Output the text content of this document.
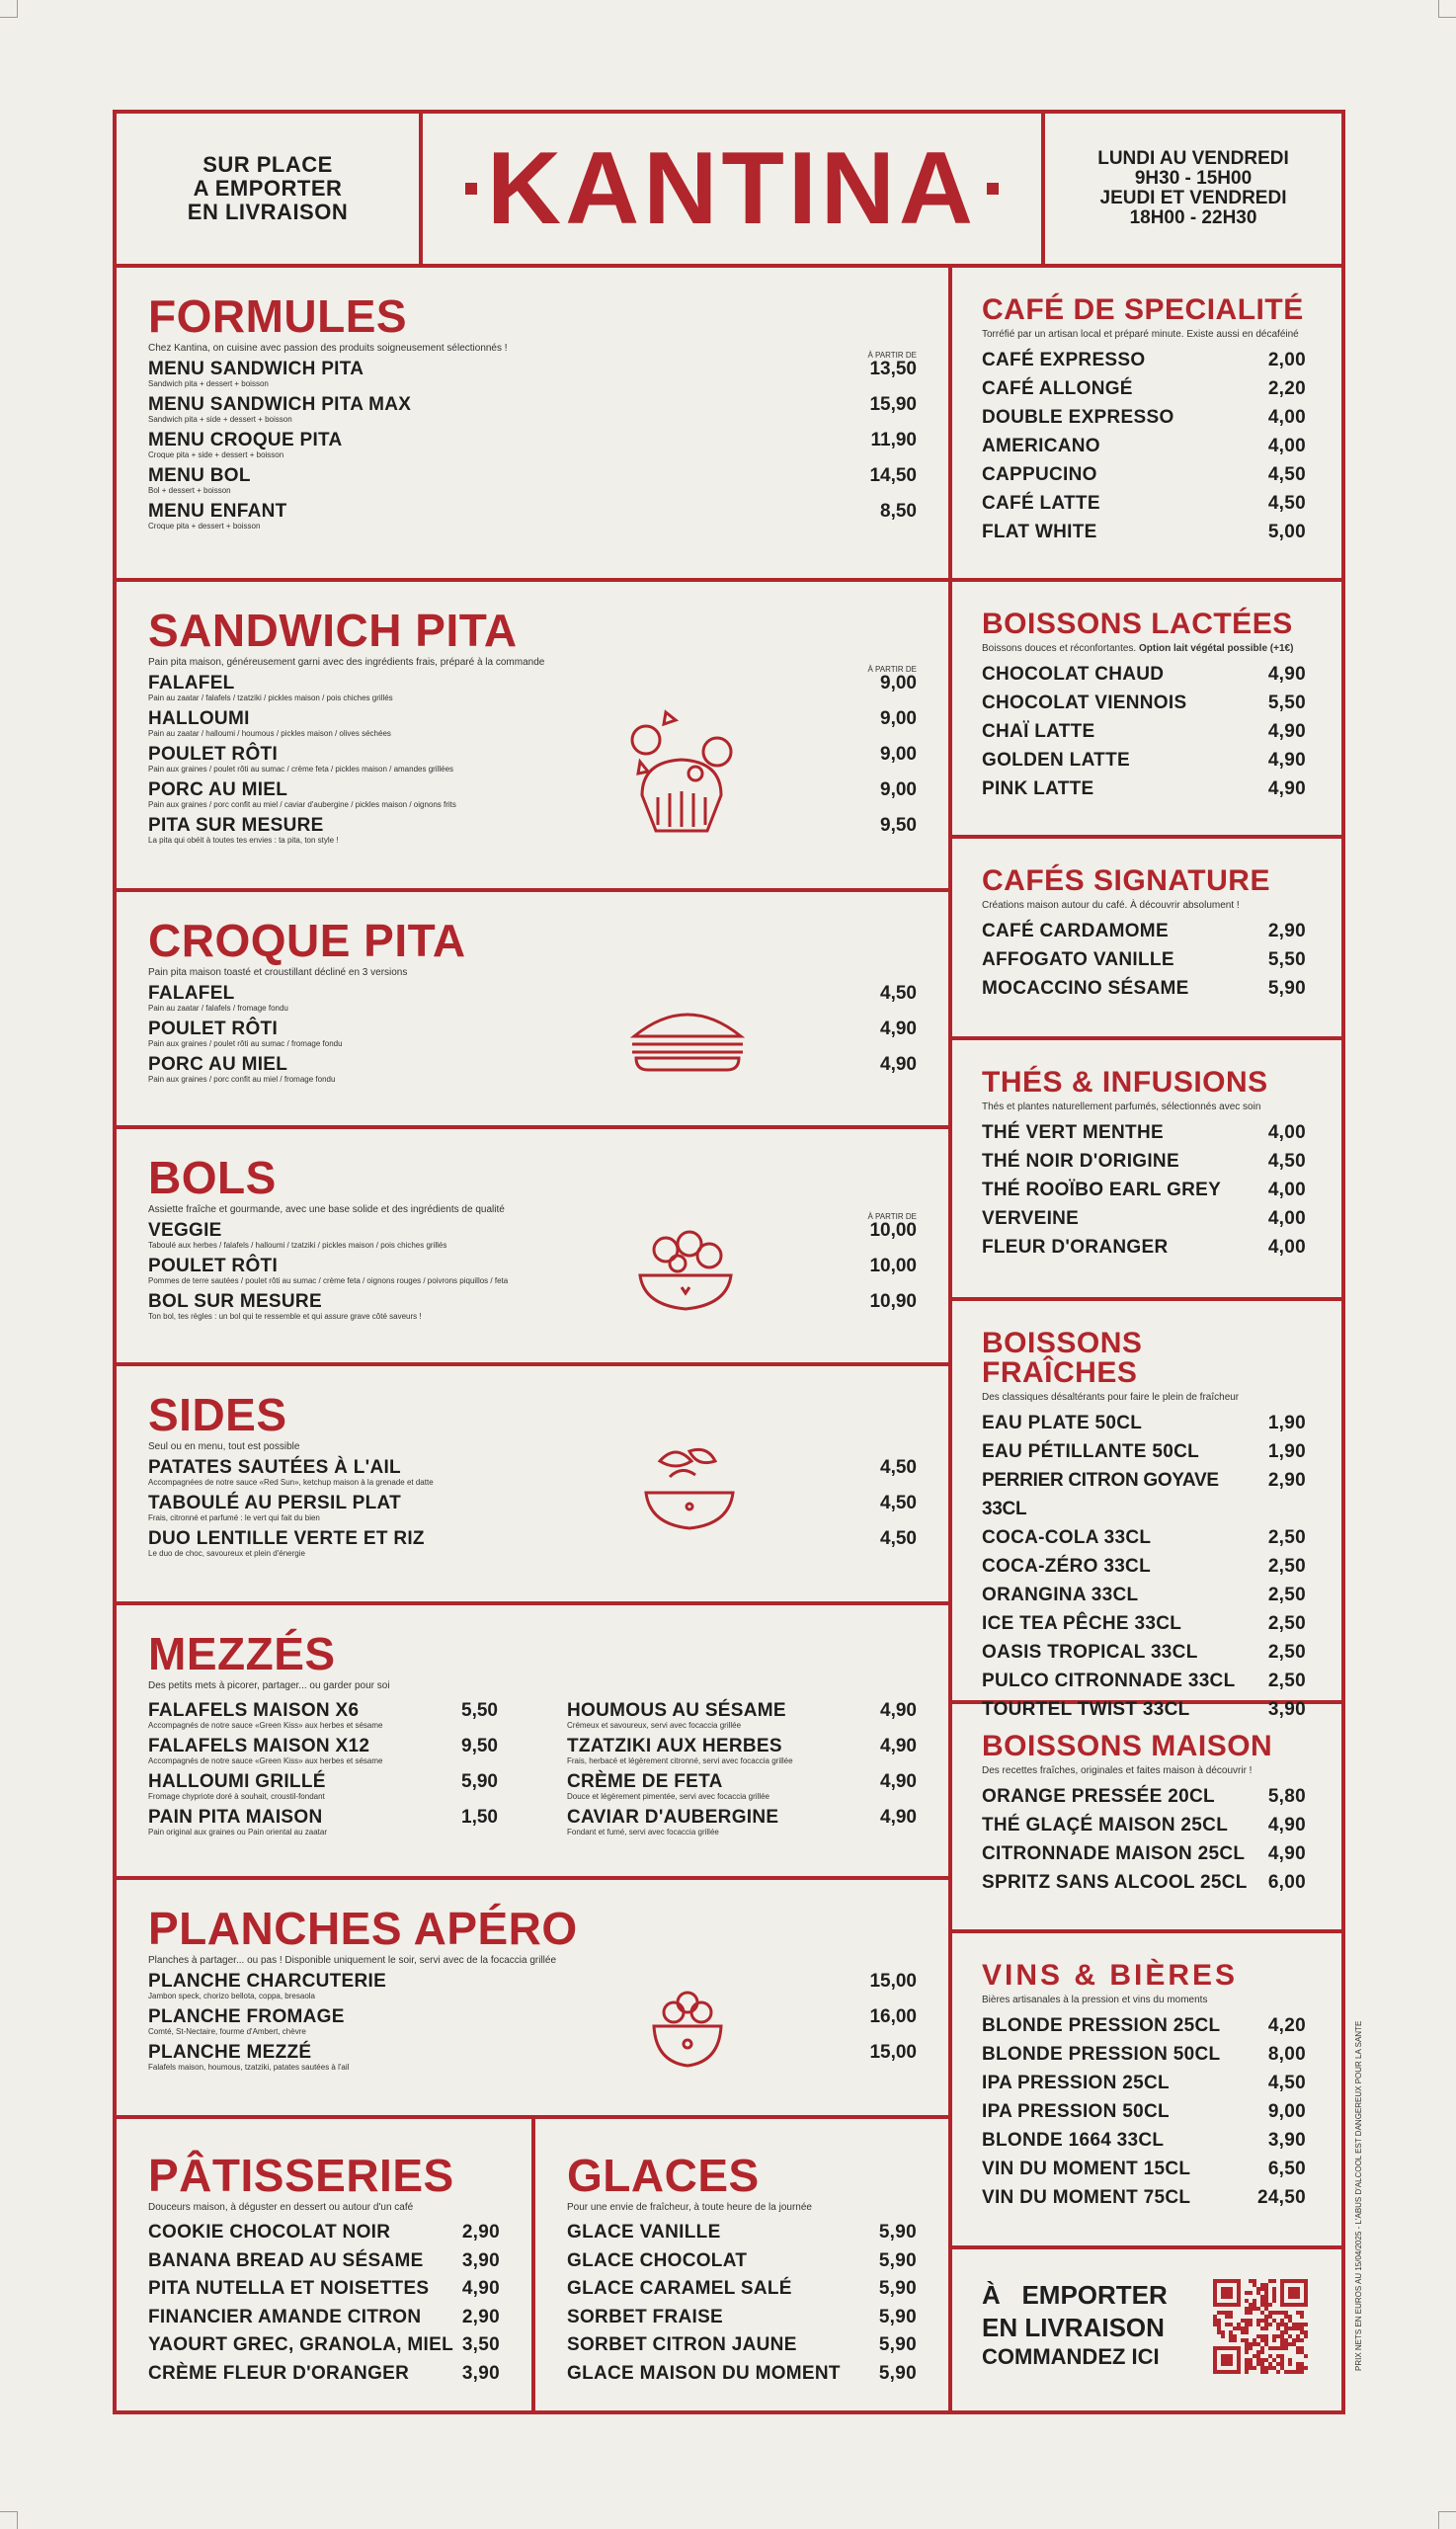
SUR PLACE
A EMPORTER
EN LIVRAISON KANTINA	LUNDI AU VENDREDI
9H30 - 15H00
JEUDI ET VENDREDI
18H00 - 22H30
FORMULES
Chez Kantina, on cuisine avec passion des produits soigneusement sélectionnés !
À PARTIR DE
MENU SANDWICH PITA
Sandwich pita + dessert + boisson
13,50
MENU SANDWICH PITA MAX
Sandwich pita + side + dessert + boisson
15,90
MENU CROQUE PITA
Croque pita + side + dessert + boisson
11,90
MENU BOL
Bol + dessert + boisson
14,50
MENU ENFANT
Croque pita + dessert + boisson
8,50
SANDWICH PITA
Pain pita maison, généreusement garni avec des ingrédients frais, préparé à la commande
À PARTIR DE
FALAFEL
Pain au zaatar / falafels / tzatziki / pickles maison / pois chiches grillés
9,00
HALLOUMI
Pain au zaatar / halloumi / houmous / pickles maison / olives séchées
9,00
POULET RÔTI
Pain aux graines / poulet rôti au sumac / crème feta / pickles maison / amandes grillées
9,00
PORC AU MIEL
Pain aux graines / porc confit au miel / caviar d'aubergine / pickles maison / oignons frits
9,00
PITA SUR MESURE
La pita qui obéit à toutes tes envies : ta pita, ton style !
9,50
CROQUE PITA
Pain pita maison toasté et croustillant décliné en 3 versions
FALAFEL
Pain au zaatar / falafels / fromage fondu
4,50
POULET RÔTI
Pain aux graines / poulet rôti au sumac / fromage fondu
4,90
PORC AU MIEL
Pain aux graines / porc confit au miel / fromage fondu
4,90
BOLS
Assiette fraîche et gourmande, avec une base solide et des ingrédients de qualité
À PARTIR DE
VEGGIE
Taboulé aux herbes / falafels / halloumi / tzatziki / pickles maison / pois chiches grillés
10,00
POULET RÔTI
Pommes de terre sautées / poulet rôti au sumac / crème feta / oignons rouges / poivrons piquillos / feta
10,00
BOL SUR MESURE
Ton bol, tes règles : un bol qui te ressemble et qui assure grave côté saveurs !
10,90
SIDES
Seul ou en menu, tout est possible
PATATES SAUTÉES À L'AIL
Accompagnées de notre sauce «Red Sun», ketchup maison à la grenade et datte
4,50
TABOULÉ AU PERSIL PLAT
Frais, citronné et parfumé : le vert qui fait du bien
4,50
DUO LENTILLE VERTE ET RIZ
Le duo de choc, savoureux et plein d'énergie
4,50
MEZZÉS
Des petits mets à picorer, partager... ou garder pour soi
FALAFELS MAISON X6
Accompagnés de notre sauce «Green Kiss» aux herbes et sésame
5,50
FALAFELS MAISON X12
Accompagnés de notre sauce «Green Kiss» aux herbes et sésame
9,50
HALLOUMI GRILLÉ
Fromage chypriote doré à souhait, croustil-fondant
5,90
PAIN PITA MAISON
Pain original aux graines ou Pain oriental au zaatar
1,50
HOUMOUS AU SÉSAME
Crémeux et savoureux, servi avec focaccia grillée
4,90
TZATZIKI AUX HERBES
Frais, herbacé et légèrement citronné, servi avec focaccia grillée
4,90
CRÈME DE FETA
Douce et légèrement pimentée, servi avec focaccia grillée
4,90
CAVIAR D'AUBERGINE
Fondant et fumé, servi avec focaccia grillée
4,90
PLANCHES APÉRO
Planches à partager... ou pas ! Disponible uniquement le soir, servi avec de la focaccia grillée
PLANCHE CHARCUTERIE
Jambon speck, chorizo bellota, coppa, bresaola
15,00
PLANCHE FROMAGE
Comté, St-Nectaire, fourme d'Ambert, chèvre
16,00
PLANCHE MEZZÉ
Falafels maison, houmous, tzatziki, patates sautées à l'ail
15,00
PÂTISSERIES
Douceurs maison, à déguster en dessert ou autour d'un café
COOKIE CHOCOLAT NOIR	2,90
BANANA BREAD AU SÉSAME 3,90
PITA NUTELLA ET NOISETTES 4,90
FINANCIER AMANDE CITRON 2,90
YAOURT GREC, GRANOLA, MIEL 3,50
CRÈME FLEUR D'ORANGER	3,90
GLACES
Pour une envie de fraîcheur, à toute heure de la journée
GLACE VANILLE	5,90
GLACE CHOCOLAT	5,90
GLACE CARAMEL SALÉ	5,90
SORBET FRAISE	5,90
SORBET CITRON JAUNE	5,90
GLACE MAISON DU MOMENT 5,90
CAFÉ DE SPECIALITÉ
Torréfié par un artisan local et préparé minute. Existe aussi en décaféiné
CAFÉ EXPRESSO	2,00
CAFÉ ALLONGÉ	2,20
DOUBLE EXPRESSO	4,00
AMERICANO	4,00
CAPPUCINO	4,50
CAFÉ LATTE	4,50
FLAT WHITE	5,00
BOISSONS LACTÉES
Boissons douces et réconfortantes. Option lait végétal possible (+1€)
CHOCOLAT CHAUD	4,90
CHOCOLAT VIENNOIS	5,50
CHAÏ LATTE	4,90
GOLDEN LATTE	4,90
PINK LATTE	4,90
CAFÉS SIGNATURE
Créations maison autour du café. À découvrir absolument !
CAFÉ CARDAMOME	2,90
AFFOGATO VANILLE	5,50
MOCACCINO SÉSAME	5,90
THÉS & INFUSIONS
Thés et plantes naturellement parfumés, sélectionnés avec soin
THÉ VERT MENTHE	4,00
THÉ NOIR D'ORIGINE	4,50
THÉ ROOÏBO EARL GREY	4,00
VERVEINE	4,00
FLEUR D'ORANGER	4,00
BOISSONS FRAÎCHES
Des classiques désaltérants pour faire le plein de fraîcheur
EAU PLATE 50CL	1,90
EAU PÉTILLANTE 50CL	1,90
PERRIER CITRON GOYAVE 33CL
2,90
COCA-COLA 33CL	2,50
COCA-ZÉRO 33CL	2,50
ORANGINA 33CL	2,50
ICE TEA PÊCHE 33CL	2,50
OASIS TROPICAL 33CL	2,50
PULCO CITRONNADE 33CL 2,50
TOURTEL TWIST 33CL	3,90
BOISSONS MAISON
Des recettes fraîches, originales et faites maison à découvrir !
ORANGE PRESSÉE 20CL	5,80
THÉ GLAÇÉ MAISON 25CL 4,90
CITRONNADE MAISON 25CL 4,90
SPRITZ SANS ALCOOL 25CL 6,00
VINS & BIÈRES
Bières artisanales à la pression et vins du moments
BLONDE PRESSION 25CL	4,20
BLONDE PRESSION 50CL	8,00
IPA PRESSION 25CL	4,50
IPA PRESSION 50CL	9,00
BLONDE 1664 33CL	3,90
VIN DU MOMENT 15CL	6,50
VIN DU MOMENT 75CL	24,50
À   EMPORTER
EN LIVRAISON
COMMANDEZ ICI	PRIX NETS EN EUROS AU 15/04/2025 - L'ABUS D'ALCOOL EST DANGEREUX POUR LA SANTE
